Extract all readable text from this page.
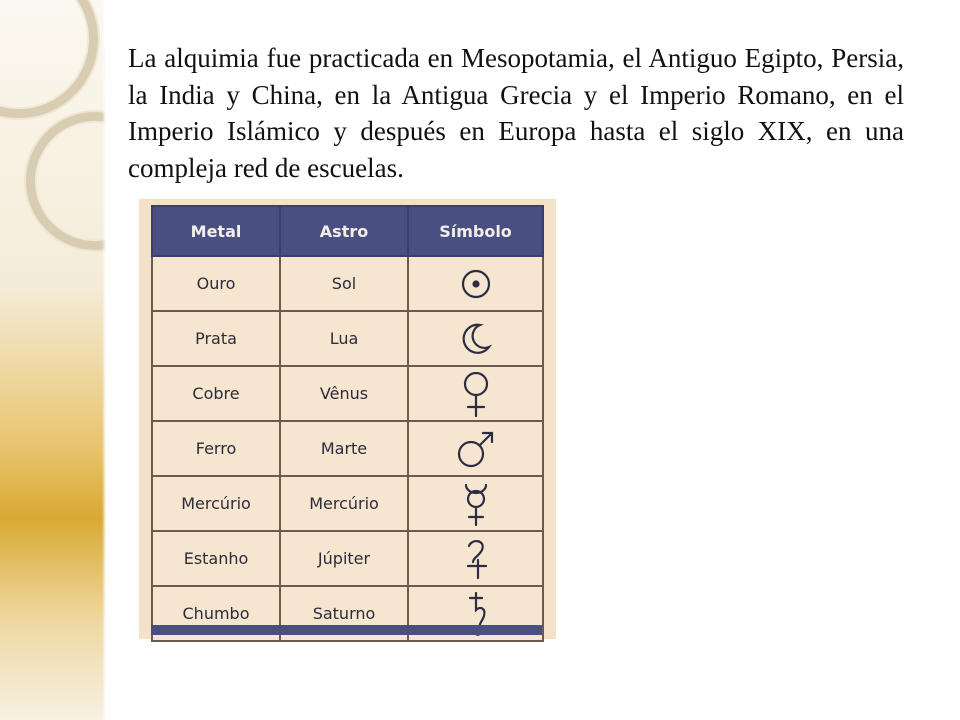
La alquimia fue practicada en Mesopotamia, el Antiguo Egipto, Persia, la India y China, en la Antigua Grecia y el Imperio Romano, en el Imperio Islámico y después en Europa hasta el siglo XIX, en una compleja red de escuelas.

Metal	Astro	Símbolo
Ouro	Sol	

Prata	Lua	

Cobre	Vênus	

Ferro	Marte	

Mercúrio	Mercúrio	

Estanho	Júpiter	

Chumbo	Saturno	
